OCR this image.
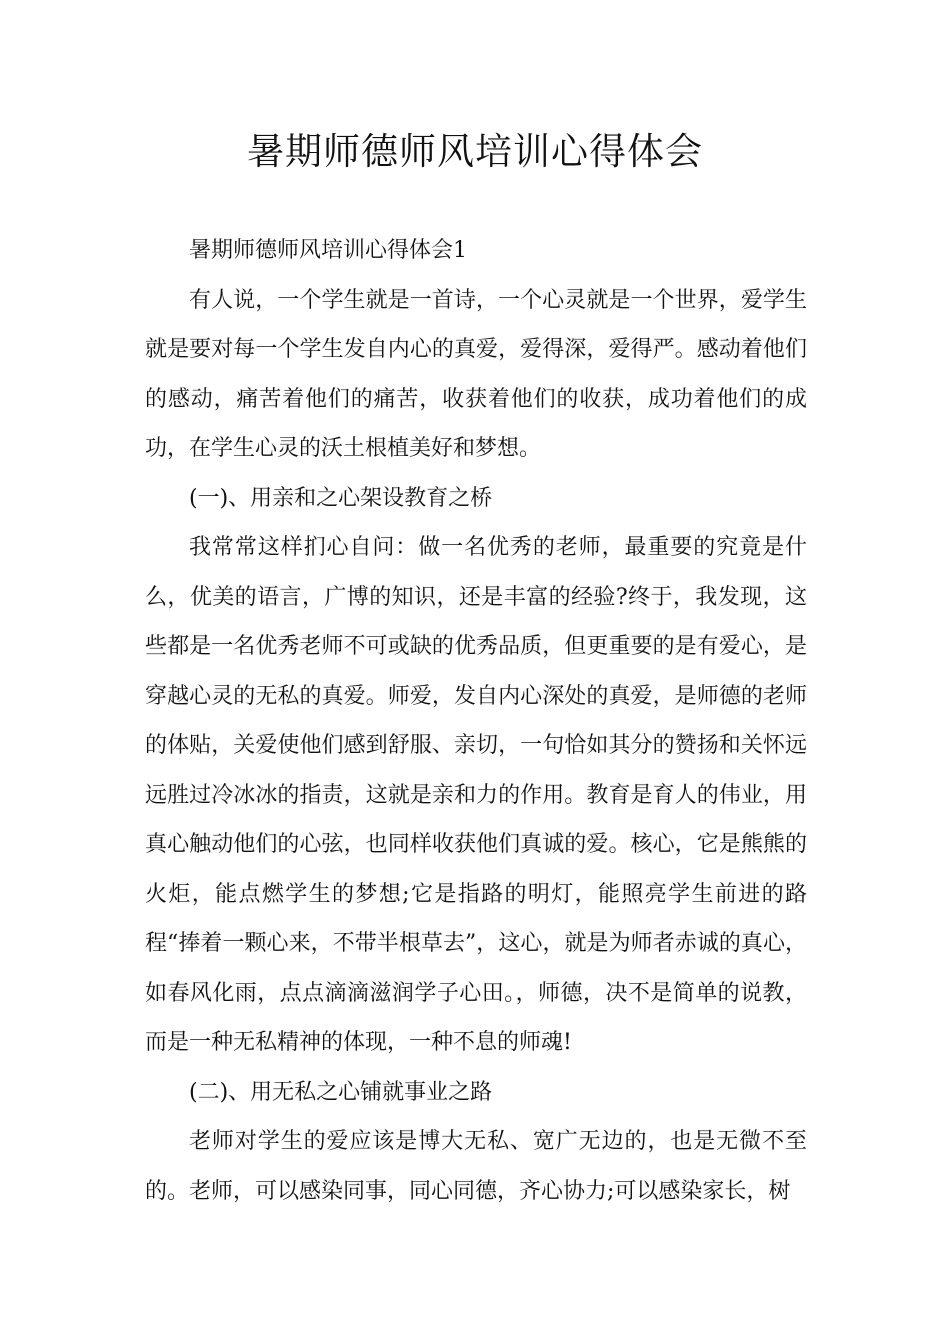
暑期师德师风培训心得体会

暑期师德师风培训心得体会1

有人说，一个学生就是一首诗，一个心灵就是一个世界，爱学生就是要对每一个学生发自内心的真爱，爱得深，爱得严。感动着他们的感动，痛苦着他们的痛苦，收获着他们的收获，成功着他们的成功，在学生心灵的沃土根植美好和梦想。

(一)、用亲和之心架设教育之桥

我常常这样扪心自问：做一名优秀的老师，最重要的究竟是什么，优美的语言，广博的知识，还是丰富的经验?终于，我发现，这些都是一名优秀老师不可或缺的优秀品质，但更重要的是有爱心，是穿越心灵的无私的真爱。师爱，发自内心深处的真爱，是师德的老师的体贴，关爱使他们感到舒服、亲切，一句恰如其分的赞扬和关怀远远胜过冷冰冰的指责，这就是亲和力的作用。教育是育人的伟业，用真心触动他们的心弦，也同样收获他们真诚的爱。核心，它是熊熊的火炬，能点燃学生的梦想;它是指路的明灯，能照亮学生前进的路程“捧着一颗心来，不带半根草去”，这心，就是为师者赤诚的真心，如春风化雨，点点滴滴滋润学子心田。，师德，决不是简单的说教，而是一种无私精神的体现，一种不息的师魂!

(二)、用无私之心铺就事业之路

老师对学生的爱应该是博大无私、宽广无边的，也是无微不至的。老师，可以感染同事，同心同德，齐心协力;可以感染家长，树
